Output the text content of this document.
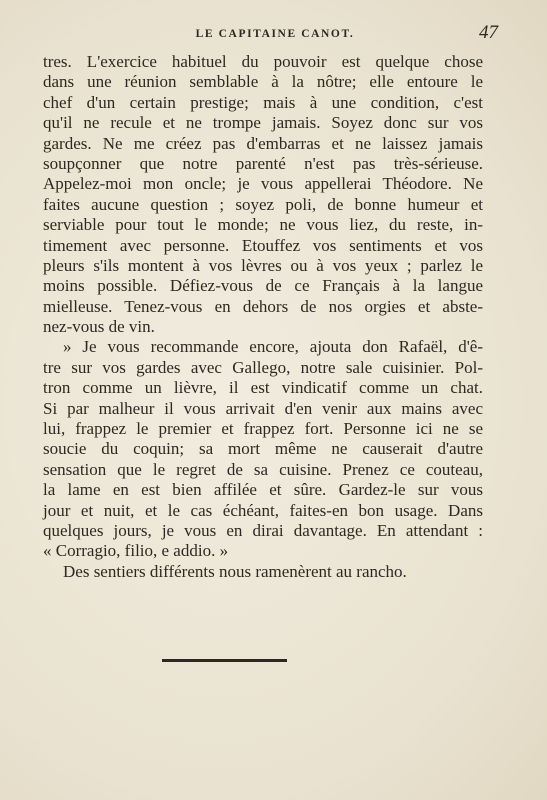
LE CAPITAINE CANOT.	47
tres. L'exercice habituel du pouvoir est quelque chose
dans une réunion semblable à la nôtre; elle entoure le
chef d'un certain prestige; mais à une condition, c'est
qu'il ne recule et ne trompe jamais. Soyez donc sur vos
gardes. Ne me créez pas d'embarras et ne laissez jamais
soupçonner que notre parenté n'est pas très-sérieuse.
Appelez-moi mon oncle; je vous appellerai Théodore. Ne
faites aucune question ; soyez poli, de bonne humeur et
serviable pour tout le monde; ne vous liez, du reste, in-
timement avec personne. Etouffez vos sentiments et vos
pleurs s'ils montent à vos lèvres ou à vos yeux ; parlez le
moins possible. Défiez-vous de ce Français à la langue
mielleuse. Tenez-vous en dehors de nos orgies et abste-
nez-vous de vin.
» Je vous recommande encore, ajouta don Rafaël, d'ê-
tre sur vos gardes avec Gallego, notre sale cuisinier. Pol-
tron comme un lièvre, il est vindicatif comme un chat.
Si par malheur il vous arrivait d'en venir aux mains avec
lui, frappez le premier et frappez fort. Personne ici ne se
soucie du coquin; sa mort même ne causerait d'autre
sensation que le regret de sa cuisine. Prenez ce couteau,
la lame en est bien affilée et sûre. Gardez-le sur vous
jour et nuit, et le cas échéant, faites-en bon usage. Dans
quelques jours, je vous en dirai davantage. En attendant :
« Corragio, filio, e addio. »
Des sentiers différents nous ramenèrent au rancho.
